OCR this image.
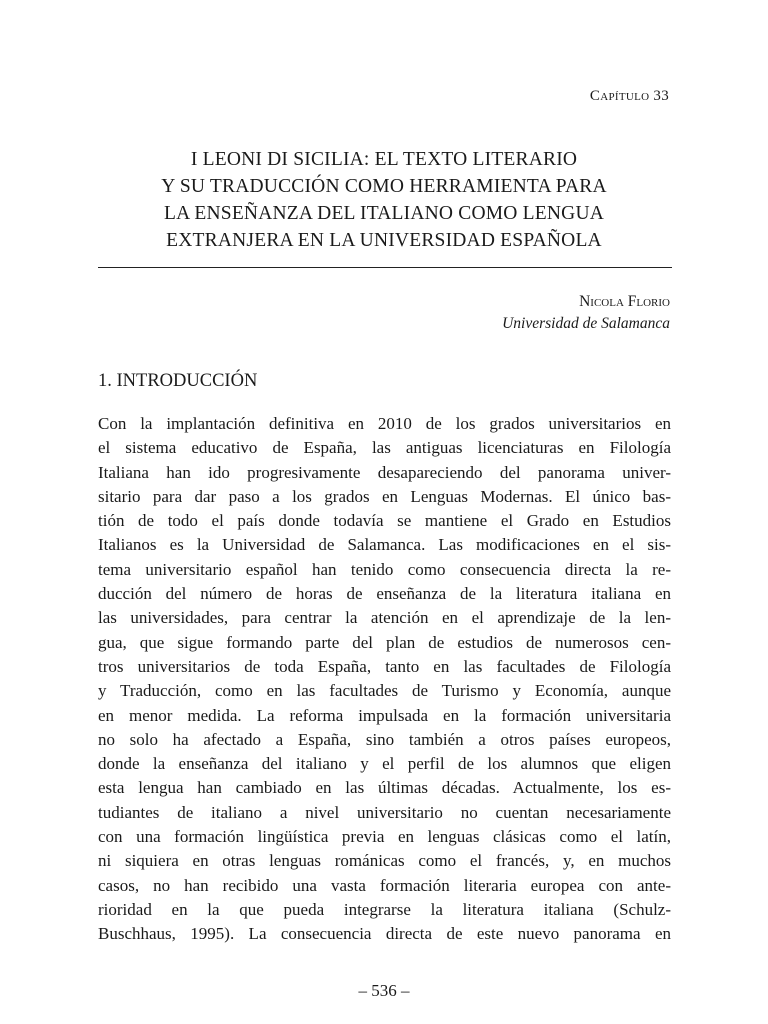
Capítulo 33
I LEONI DI SICILIA: EL TEXTO LITERARIO
Y SU TRADUCCIÓN COMO HERRAMIENTA PARA
LA ENSEÑANZA DEL ITALIANO COMO LENGUA
EXTRANJERA EN LA UNIVERSIDAD ESPAÑOLA
Nicola Florio
Universidad de Salamanca
1. INTRODUCCIÓN
Con la implantación definitiva en 2010 de los grados universitarios en
el sistema educativo de España, las antiguas licenciaturas en Filología
Italiana han ido progresivamente desapareciendo del panorama univer-
sitario para dar paso a los grados en Lenguas Modernas. El único bas-
tión de todo el país donde todavía se mantiene el Grado en Estudios
Italianos es la Universidad de Salamanca. Las modificaciones en el sis-
tema universitario español han tenido como consecuencia directa la re-
ducción del número de horas de enseñanza de la literatura italiana en
las universidades, para centrar la atención en el aprendizaje de la len-
gua, que sigue formando parte del plan de estudios de numerosos cen-
tros universitarios de toda España, tanto en las facultades de Filología
y Traducción, como en las facultades de Turismo y Economía, aunque
en menor medida. La reforma impulsada en la formación universitaria
no solo ha afectado a España, sino también a otros países europeos,
donde la enseñanza del italiano y el perfil de los alumnos que eligen
esta lengua han cambiado en las últimas décadas. Actualmente, los es-
tudiantes de italiano a nivel universitario no cuentan necesariamente
con una formación lingüística previa en lenguas clásicas como el latín,
ni siquiera en otras lenguas románicas como el francés, y, en muchos
casos, no han recibido una vasta formación literaria europea con ante-
rioridad en la que pueda integrarse la literatura italiana (Schulz-
Buschhaus, 1995). La consecuencia directa de este nuevo panorama en
– 536 –
